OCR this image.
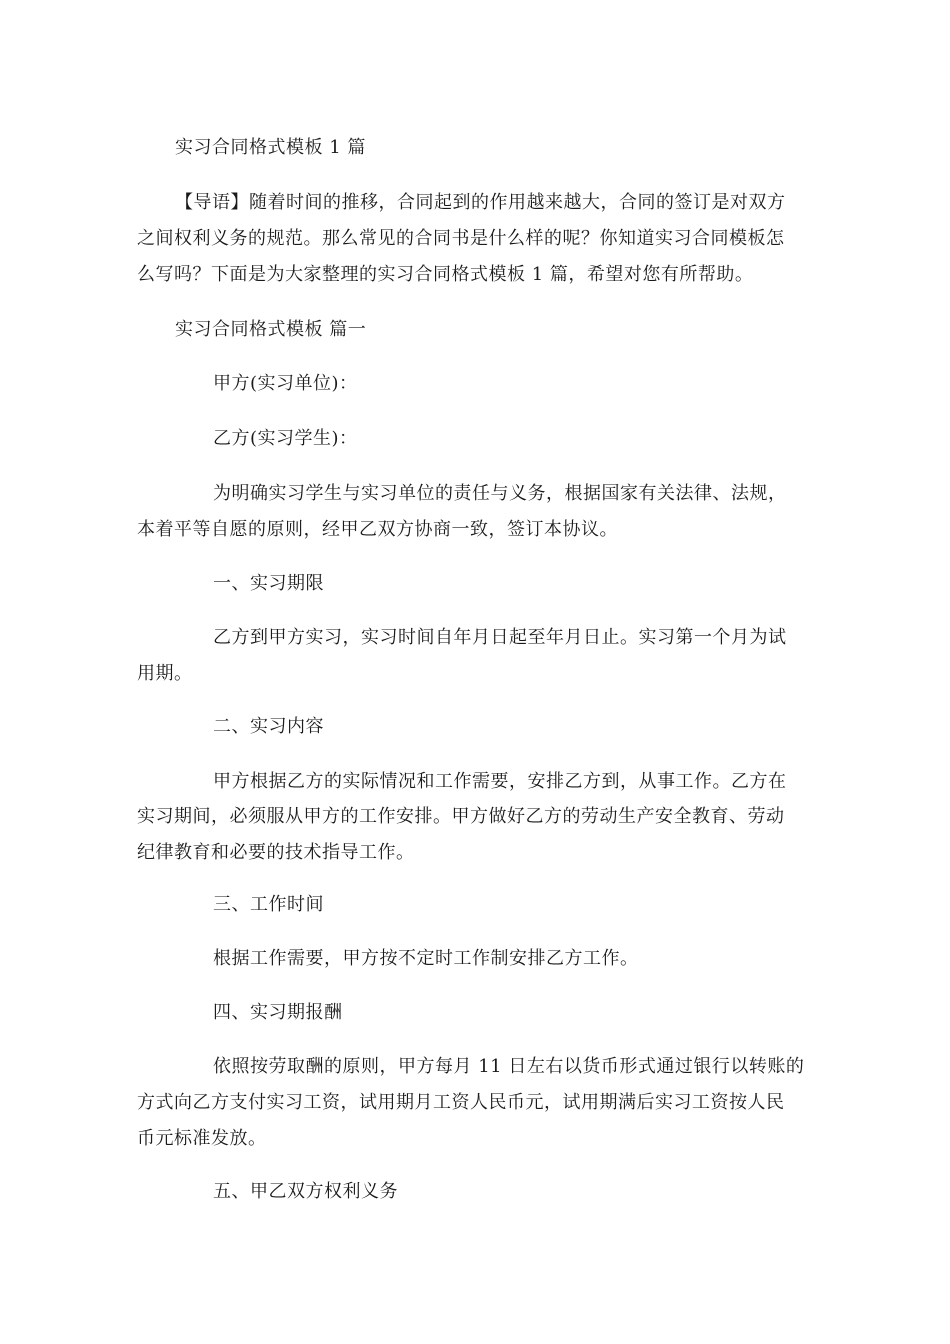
实习合同格式模板 1 篇
【导语】随着时间的推移，合同起到的作用越来越大，合同的签订是对双方
之间权利义务的规范。那么常见的合同书是什么样的呢？你知道实习合同模板怎
么写吗？下面是为大家整理的实习合同格式模板 1 篇，希望对您有所帮助。
实习合同格式模板 篇一
甲方(实习单位)：
乙方(实习学生)：
为明确实习学生与实习单位的责任与义务，根据国家有关法律、法规，
本着平等自愿的原则，经甲乙双方协商一致，签订本协议。
一、实习期限
乙方到甲方实习，实习时间自年月日起至年月日止。实习第一个月为试
用期。
二、实习内容
甲方根据乙方的实际情况和工作需要，安排乙方到，从事工作。乙方在
实习期间，必须服从甲方的工作安排。甲方做好乙方的劳动生产安全教育、劳动
纪律教育和必要的技术指导工作。
三、工作时间
根据工作需要，甲方按不定时工作制安排乙方工作。
四、实习期报酬
依照按劳取酬的原则，甲方每月 11 日左右以货币形式通过银行以转账的
方式向乙方支付实习工资，试用期月工资人民币元，试用期满后实习工资按人民
币元标准发放。
五、甲乙双方权利义务
